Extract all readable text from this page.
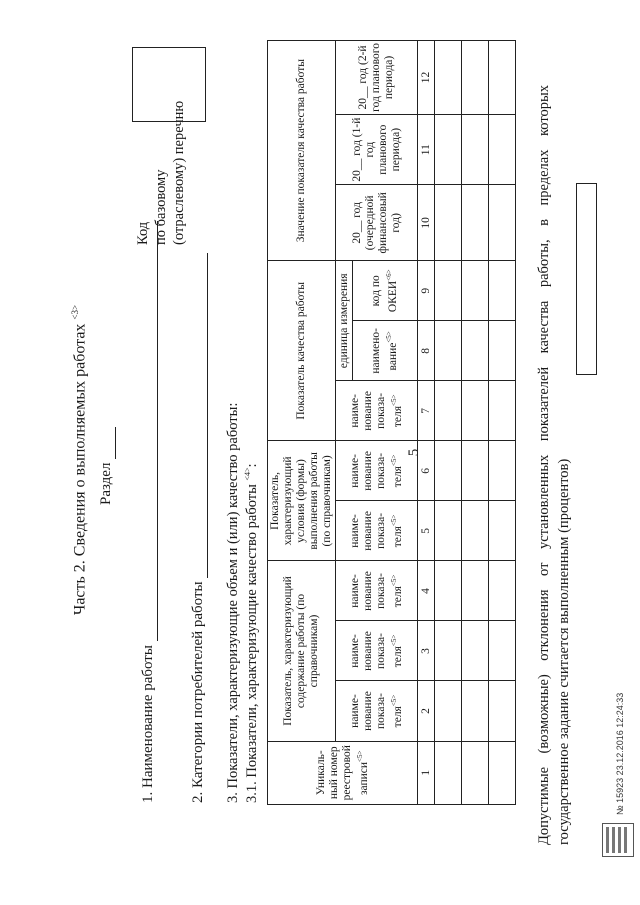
5
Часть 2. Сведения о выполняемых работах $^{<3>}$
Раздел
1. Наименование работы 2. Категории потребителей работы
Код по базовому (отраслевому) перечню
3. Показатели, характеризующие объем и (или) качество работы: 3.1. Показатели, характеризующие качество работы $^{<4>}$:
Уникаль-ный номер реестровой записи$^{<5>}$	Показатель, характеризующий содержание работы (по справочникам)			Показатель, характеризующий условия (формы) выполнения работы (по справочникам)		Показатель качества работы			Значение показателя качества работы		
	наиме-нование показа-теля$^{<5>}$	наиме-нование показа-теля$^{<5>}$	наиме-нование показа-теля$^{<5>}$	наиме-нование показа-теля$^{<5>}$	наиме-нование показа-теля$^{<5>}$	наиме-нование показа-теля$^{<5>}$	единица измерения		20__ год (очередной финансовый год)	20__ год (1-й год планового периода)	20__ год (2-й год планового периода)
							наимено-вание$^{<5>}$	код по $ОКЕИ^{<6>}$
1	2	3	4	5	6	7	8	9	10	11	12

Допустимые (возможные) отклонения от установленных показателей качества работы, в пределах которых государственное задание считается выполненным (процентов)	№ 15923 23.12.2016 12:24:33
